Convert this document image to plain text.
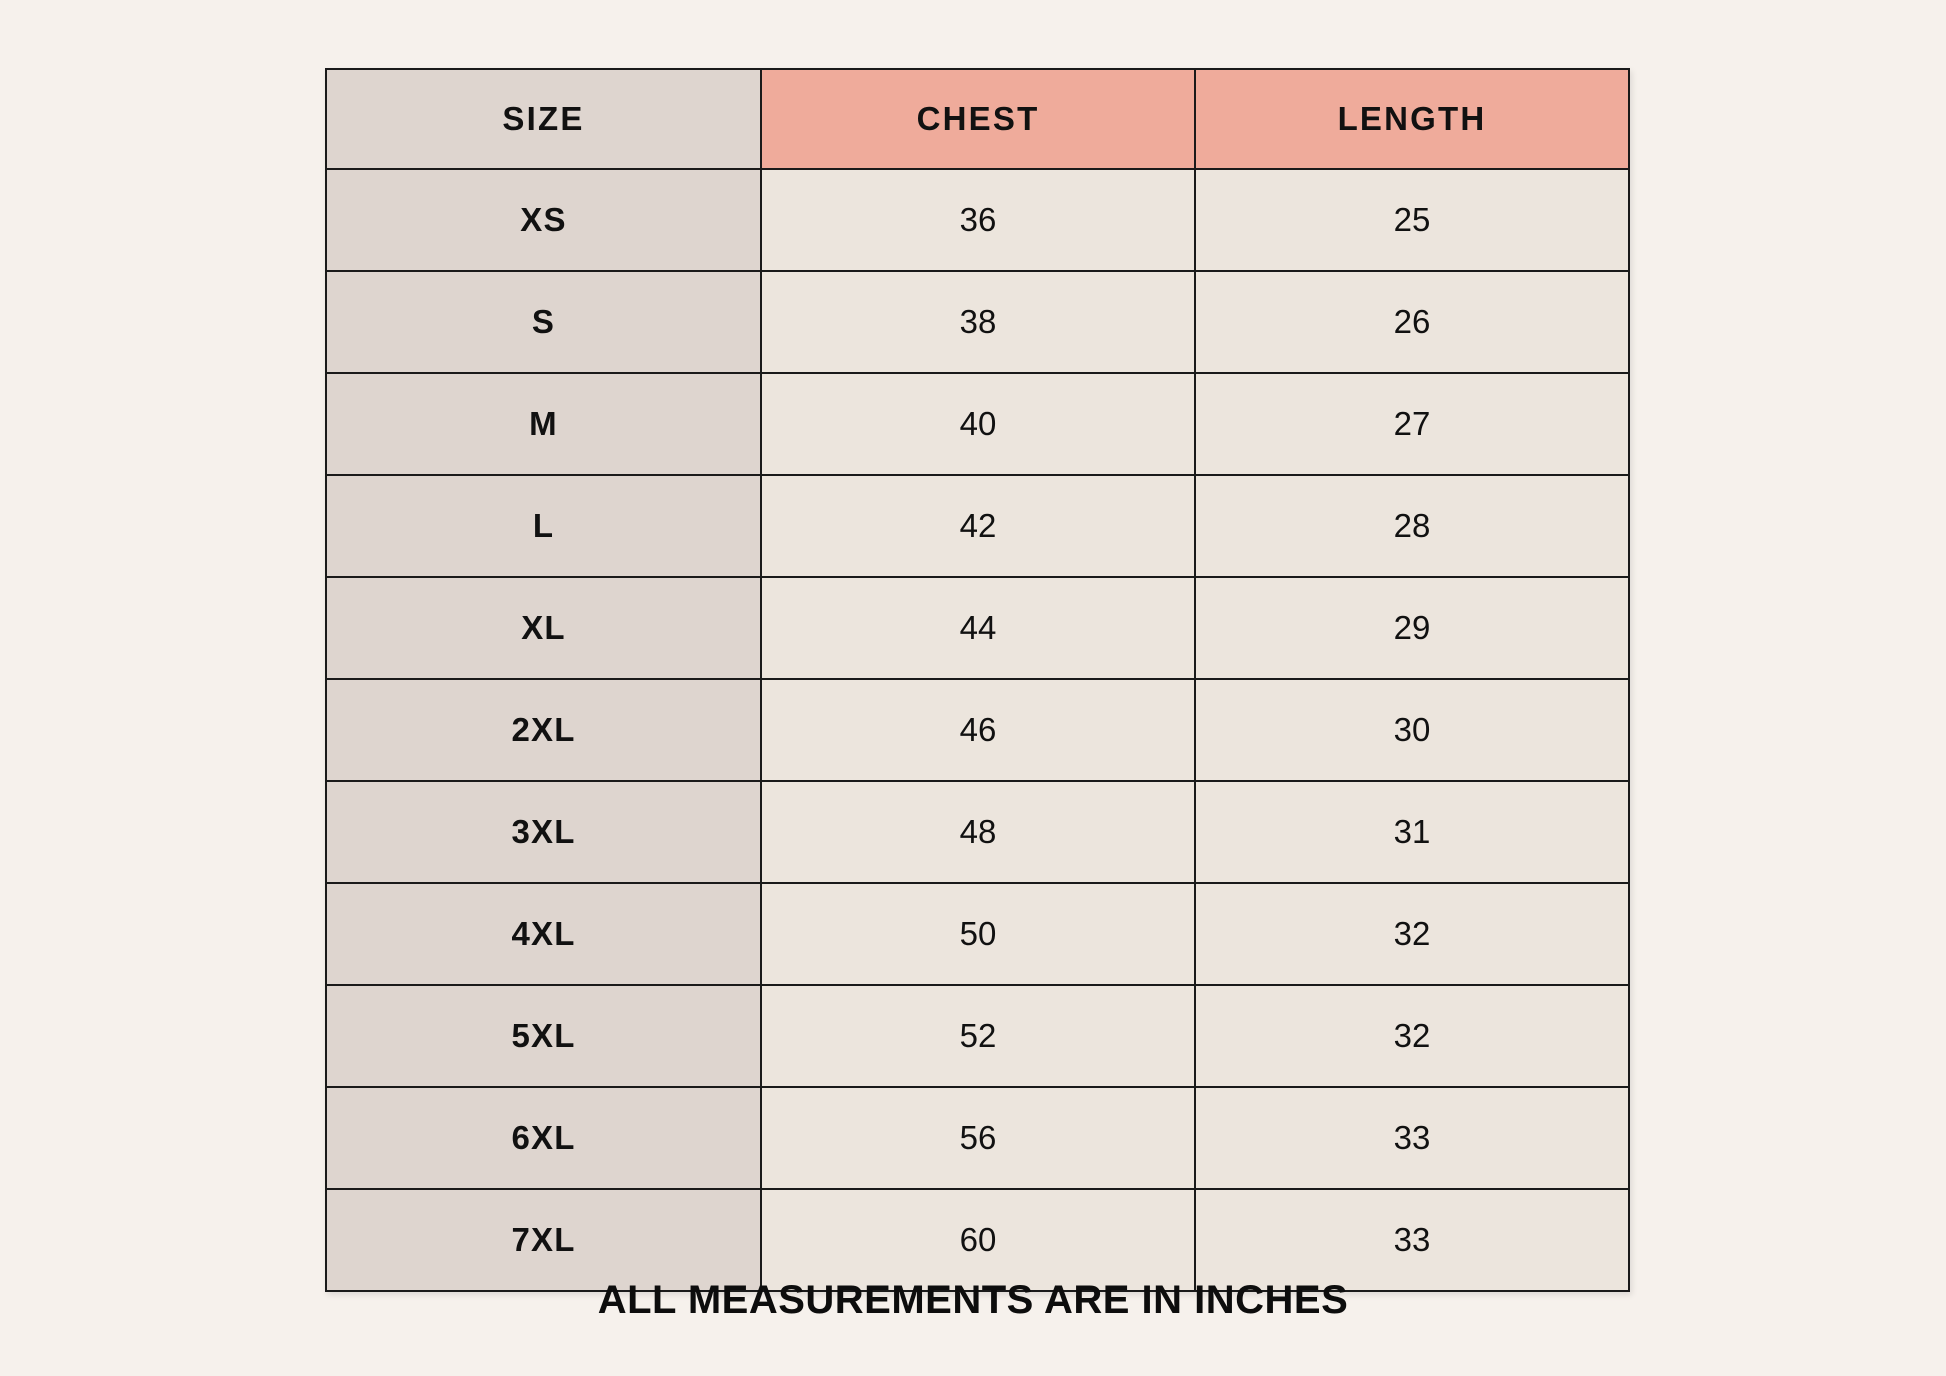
SIZE	CHEST	LENGTH
XS	36	25
S	38	26
M	40	27
L	42	28
XL	44	29
2XL	46	30
3XL	48	31
4XL	50	32
5XL	52	32
6XL	56	33
7XL	60	33
ALL MEASUREMENTS ARE IN INCHES
